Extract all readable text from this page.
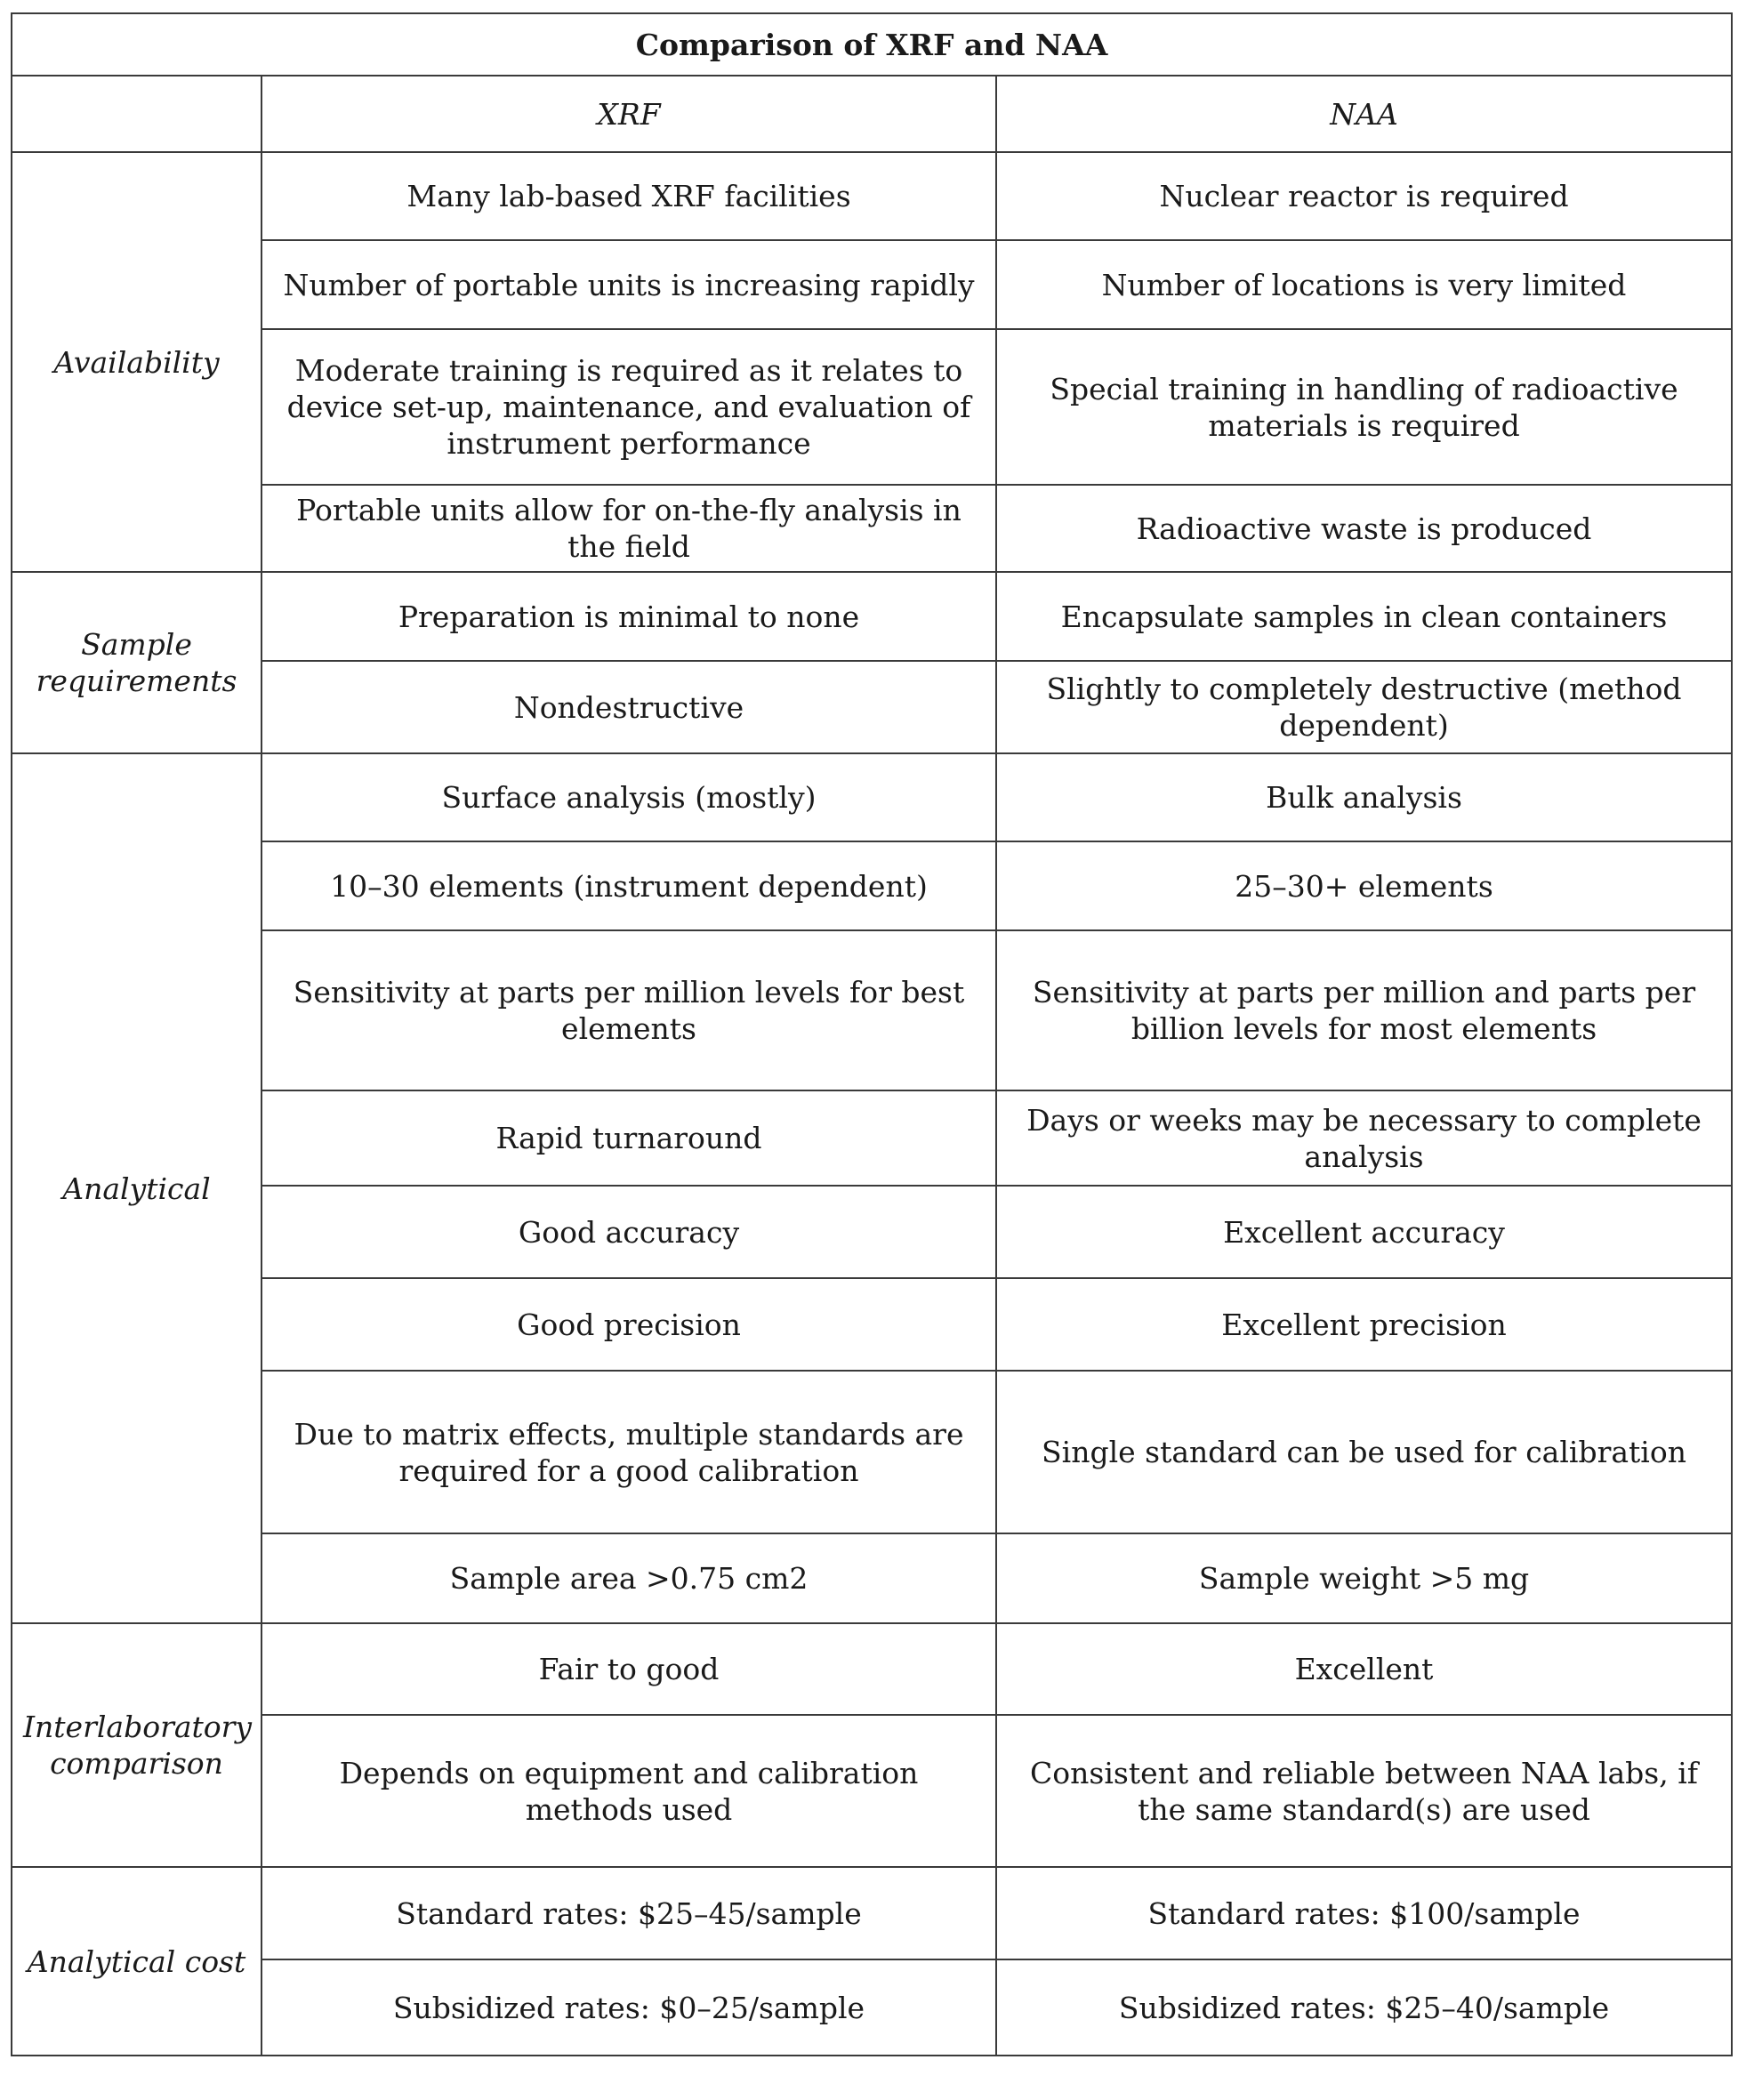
Comparison of XRF and NAA		
	XRF	NAA
Availability	Many lab-based XRF facilities	Nuclear reactor is required
	Number of portable units is increasing rapidly	Number of locations is very limited
	Moderate training is required as it relates to device set-up, maintenance, and evaluation of instrument performance	Special training in handling of radioactive materials is required
	Portable units allow for on-the-fly analysis in the field	Radioactive waste is produced
Sample requirements	Preparation is minimal to none	Encapsulate samples in clean containers
	Nondestructive	Slightly to completely destructive (method dependent)
Analytical	Surface analysis (mostly)	Bulk analysis
	10–30 elements (instrument dependent)	25–30+ elements
	Sensitivity at parts per million levels for best elements	Sensitivity at parts per million and parts per billion levels for most elements
	Rapid turnaround	Days or weeks may be necessary to complete analysis
	Good accuracy	Excellent accuracy
	Good precision	Excellent precision
	Due to matrix effects, multiple standards are required for a good calibration	Single standard can be used for calibration
	Sample area >0.75 cm2	Sample weight >5 mg
Interlaboratory comparison	Fair to good	Excellent
	Depends on equipment and calibration methods used	Consistent and reliable between NAA labs, if the same standard(s) are used
Analytical cost	Standard rates: $25–45/sample	Standard rates: $100/sample
	Subsidized rates: $0–25/sample	Subsidized rates: $25–40/sample
